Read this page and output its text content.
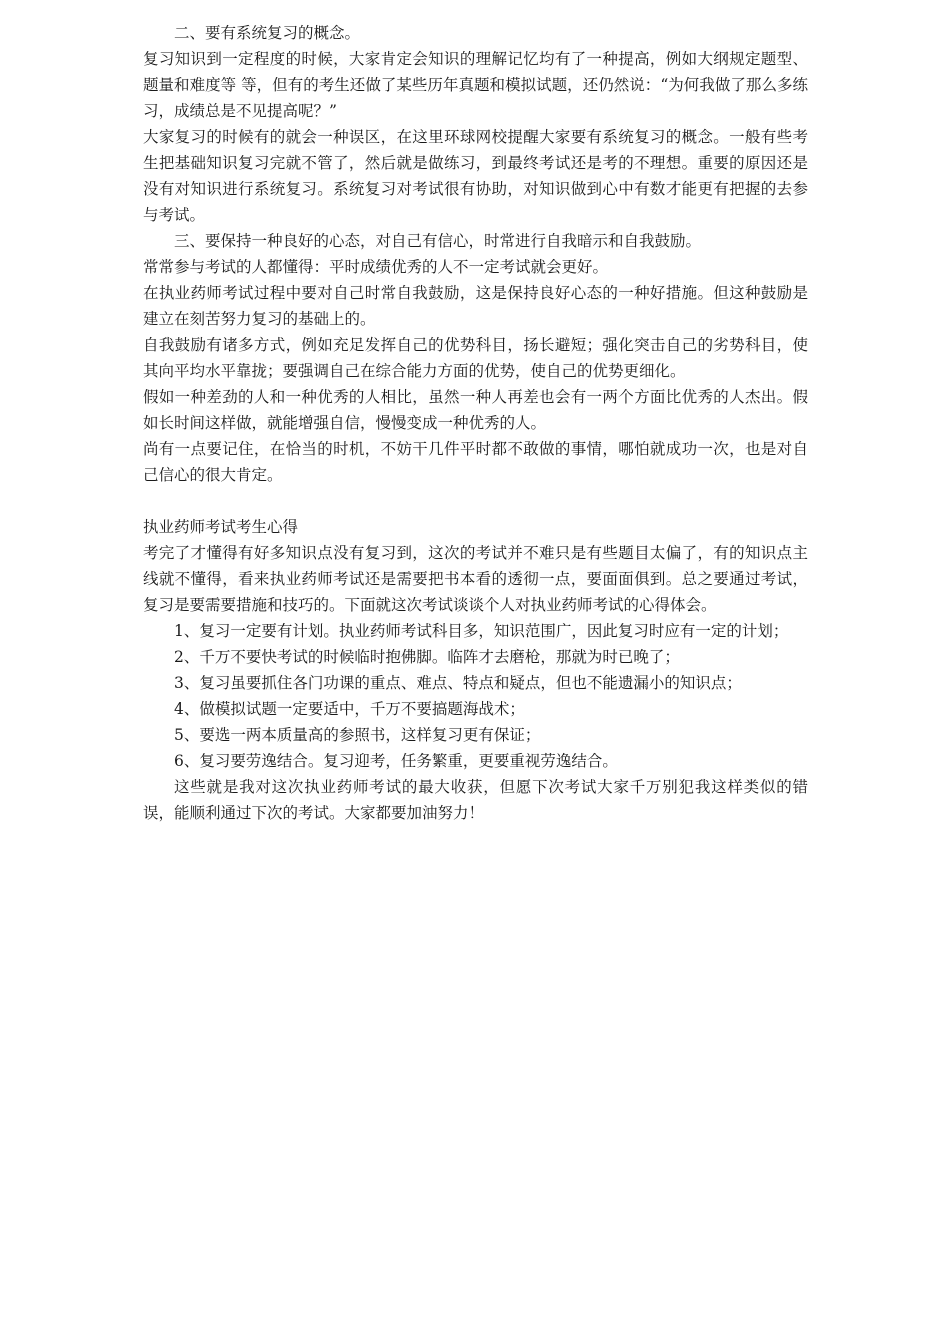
二、要有系统复习的概念。

复习知识到一定程度的时候，大家肯定会知识的理解记忆均有了一种提高，例如大纲规定题型、题量和难度等 等，但有的考生还做了某些历年真题和模拟试题，还仍然说：“为何我做了那么多练习，成绩总是不见提高呢？”

大家复习的时候有的就会一种误区，在这里环球网校提醒大家要有系统复习的概念。一般有些考生把基础知识复习完就不管了，然后就是做练习，到最终考试还是考的不理想。重要的原因还是没有对知识进行系统复习。系统复习对考试很有协助，对知识做到心中有数才能更有把握的去参与考试。

三、要保持一种良好的心态，对自己有信心，时常进行自我暗示和自我鼓励。

常常参与考试的人都懂得：平时成绩优秀的人不一定考试就会更好。

在执业药师考试过程中要对自己时常自我鼓励，这是保持良好心态的一种好措施。但这种鼓励是建立在刻苦努力复习的基础上的。

自我鼓励有诸多方式，例如充足发挥自己的优势科目，扬长避短；强化突击自己的劣势科目，使其向平均水平靠拢；要强调自己在综合能力方面的优势，使自己的优势更细化。

假如一种差劲的人和一种优秀的人相比，虽然一种人再差也会有一两个方面比优秀的人杰出。假如长时间这样做，就能增强自信，慢慢变成一种优秀的人。

尚有一点要记住，在恰当的时机，不妨干几件平时都不敢做的事情，哪怕就成功一次，也是对自己信心的很大肯定。

执业药师考试考生心得

考完了才懂得有好多知识点没有复习到，这次的考试并不难只是有些题目太偏了，有的知识点主线就不懂得，看来执业药师考试还是需要把书本看的透彻一点，要面面俱到。总之要通过考试，复习是要需要措施和技巧的。下面就这次考试谈谈个人对执业药师考试的心得体会。

1、复习一定要有计划。执业药师考试科目多，知识范围广，因此复习时应有一定的计划；

2、千万不要快考试的时候临时抱佛脚。临阵才去磨枪，那就为时已晚了；

3、复习虽要抓住各门功课的重点、难点、特点和疑点，但也不能遗漏小的知识点；

4、做模拟试题一定要适中，千万不要搞题海战术；

5、要选一两本质量高的参照书，这样复习更有保证；

6、复习要劳逸结合。复习迎考，任务繁重，更要重视劳逸结合。

这些就是我对这次执业药师考试的最大收获，但愿下次考试大家千万别犯我这样类似的错误，能顺利通过下次的考试。大家都要加油努力！
